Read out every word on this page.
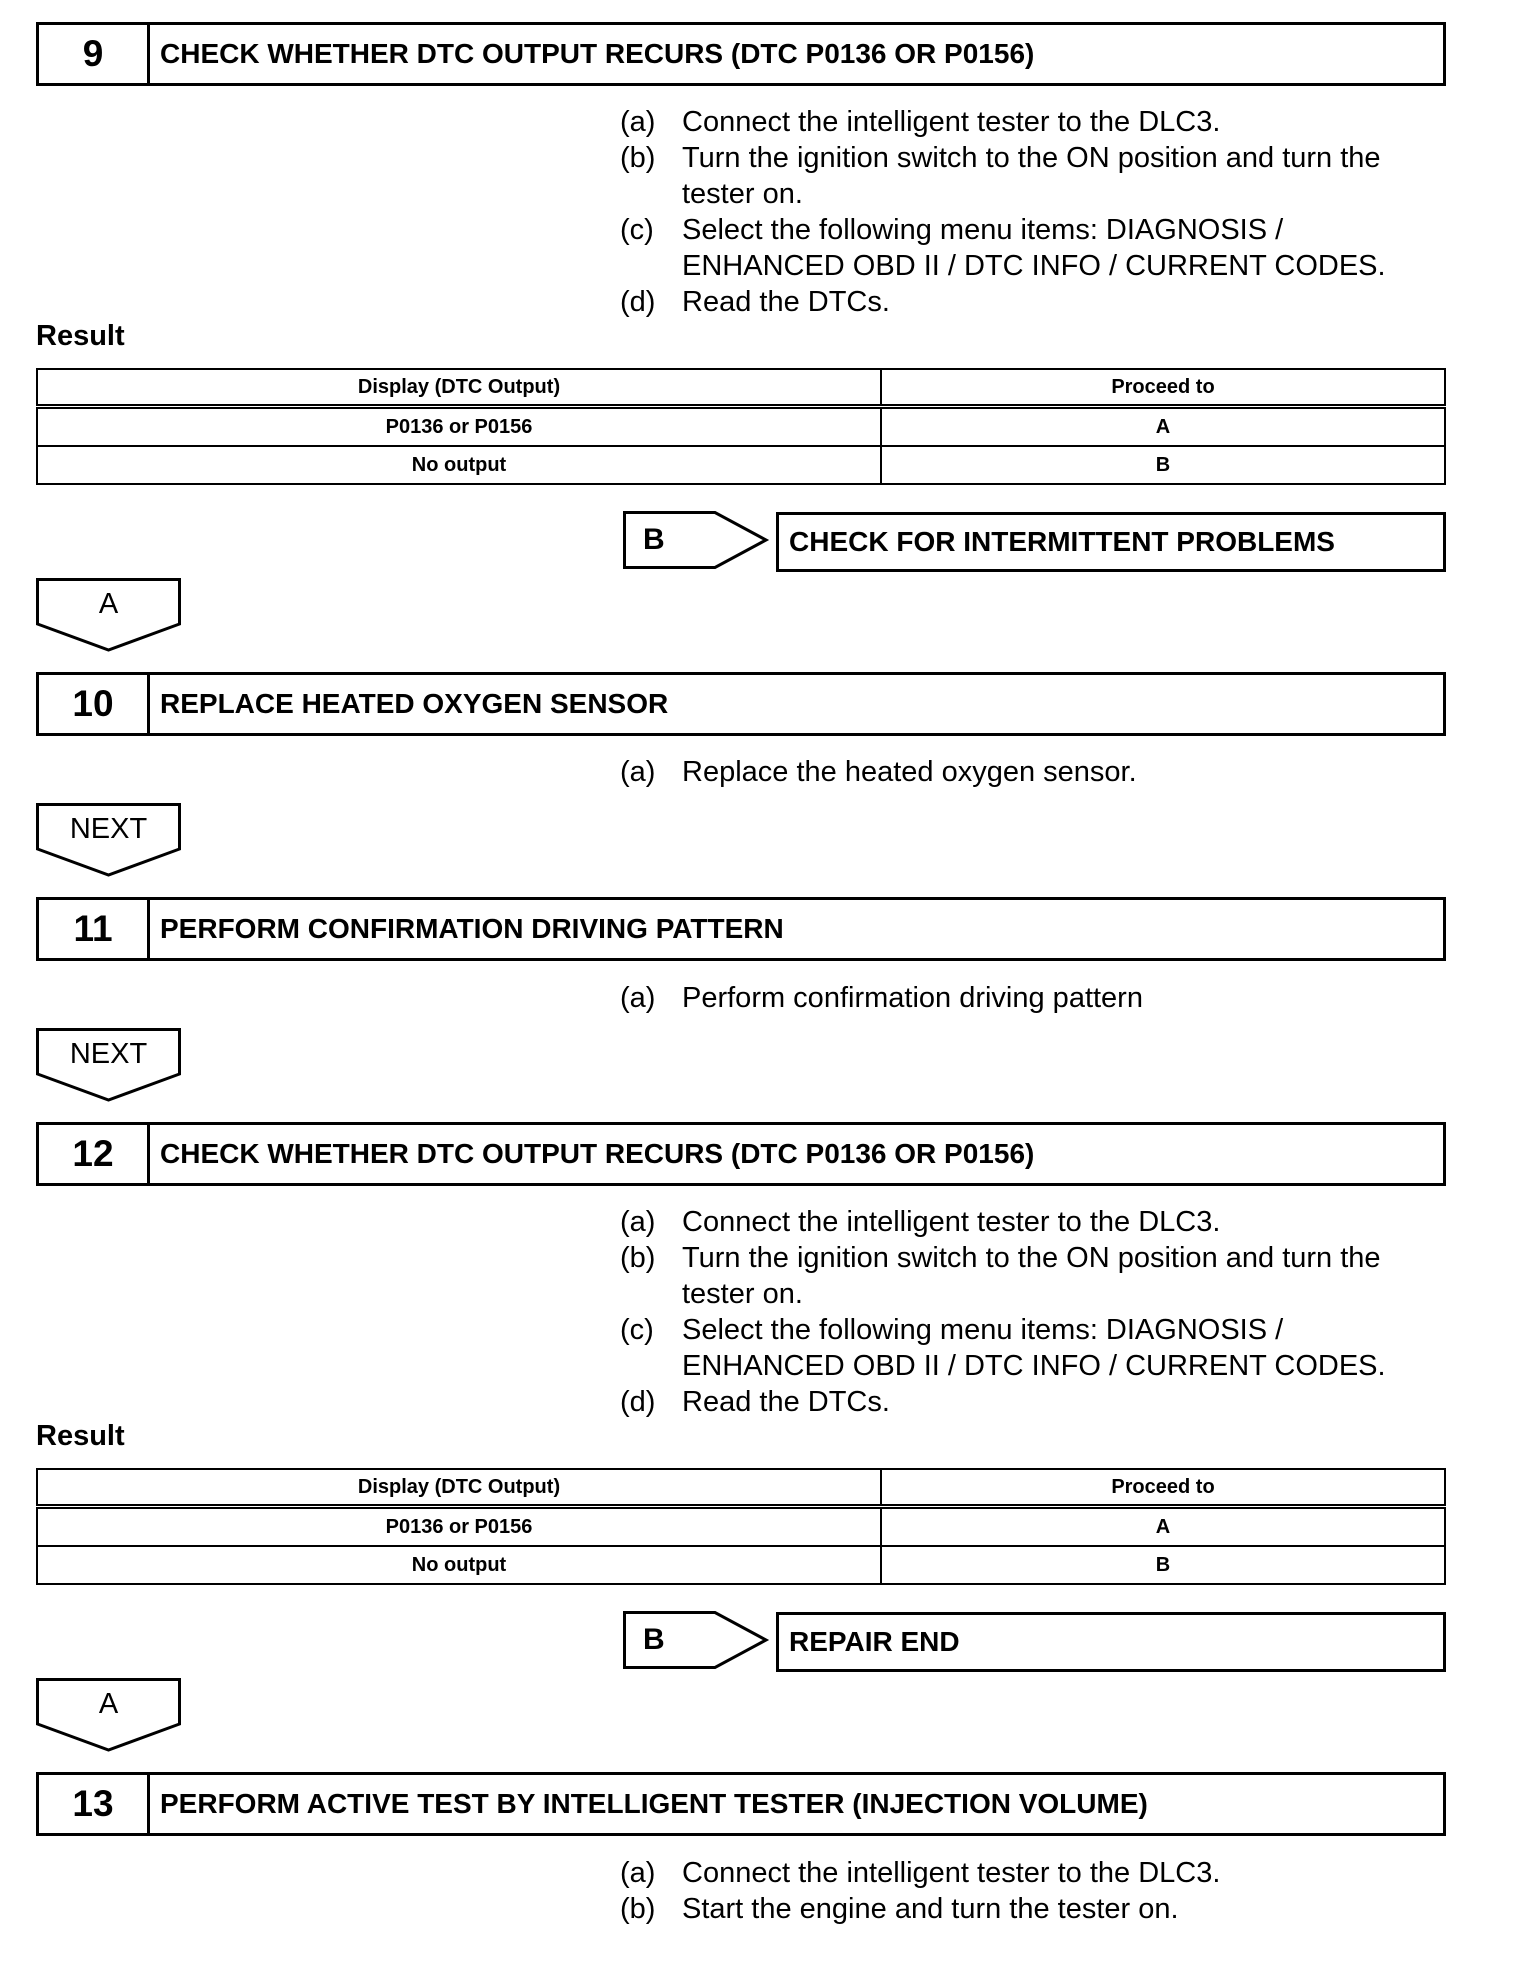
9	CHECK WHETHER DTC OUTPUT RECURS (DTC P0136 OR P0156)
(a) Connect the intelligent tester to the DLC3.
(b) Turn the ignition switch to the ON position and turn the
tester on.
(c) Select the following menu items: DIAGNOSIS /
ENHANCED OBD II / DTC INFO / CURRENT CODES.
(d) Read the DTCs.
Result
Display (DTC Output)	Proceed to
P0136 or P0156	A
No output	B
B	CHECK FOR INTERMITTENT PROBLEMS
A
10	REPLACE HEATED OXYGEN SENSOR
(a) Replace the heated oxygen sensor.
NEXT
11	PERFORM CONFIRMATION DRIVING PATTERN
(a) Perform confirmation driving pattern
NEXT
12	CHECK WHETHER DTC OUTPUT RECURS (DTC P0136 OR P0156)
(a) Connect the intelligent tester to the DLC3.
(b) Turn the ignition switch to the ON position and turn the
tester on.
(c) Select the following menu items: DIAGNOSIS /
ENHANCED OBD II / DTC INFO / CURRENT CODES.
(d) Read the DTCs.
Result
Display (DTC Output)	Proceed to
P0136 or P0156	A
No output	B
B	REPAIR END
A
13	PERFORM ACTIVE TEST BY INTELLIGENT TESTER (INJECTION VOLUME)
(a) Connect the intelligent tester to the DLC3.
(b) Start the engine and turn the tester on.
